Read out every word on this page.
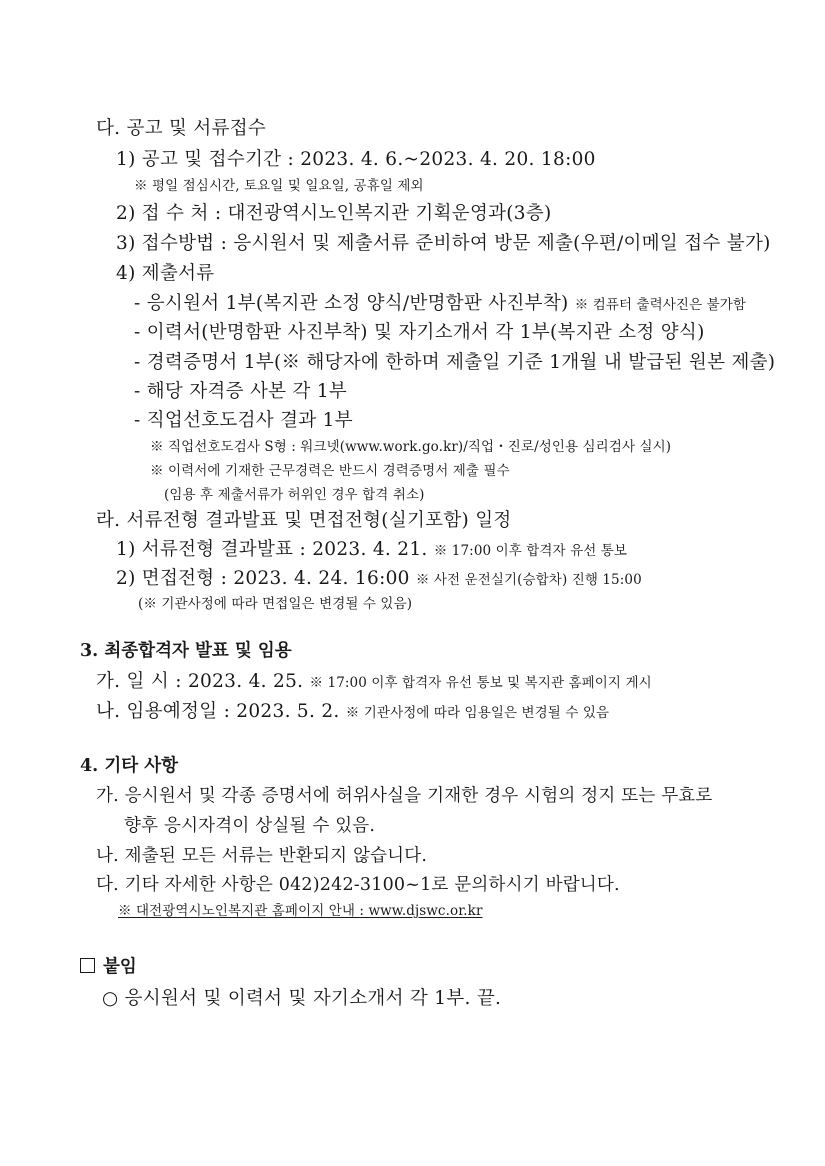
다. 공고 및 서류접수
1) 공고 및 접수기간 : 2023. 4. 6.~2023. 4. 20. 18:00
※ 평일 점심시간, 토요일 및 일요일, 공휴일 제외
2) 접 수 처 : 대전광역시노인복지관 기획운영과(3층)
3) 접수방법 : 응시원서 및 제출서류 준비하여 방문 제출(우편/이메일 접수 불가)
4) 제출서류
- 응시원서 1부(복지관 소정 양식/반명함판 사진부착) ※ 컴퓨터 출력사진은 불가함
- 이력서(반명함판 사진부착) 및 자기소개서 각 1부(복지관 소정 양식)
- 경력증명서 1부(※ 해당자에 한하며 제출일 기준 1개월 내 발급된 원본 제출)
- 해당 자격증 사본 각 1부
- 직업선호도검사 결과 1부
※ 직업선호도검사 S형 : 워크넷(www.work.go.kr)/직업・진로/성인용 심리검사 실시)
※ 이력서에 기재한 근무경력은 반드시 경력증명서 제출 필수
(임용 후 제출서류가 허위인 경우 합격 취소)
라. 서류전형 결과발표 및 면접전형(실기포함) 일정
1) 서류전형 결과발표 : 2023. 4. 21. ※ 17:00 이후 합격자 유선 통보
2) 면접전형 : 2023. 4. 24. 16:00 ※ 사전 운전실기(승합차) 진행 15:00
(※ 기관사정에 따라 면접일은 변경될 수 있음)
3. 최종합격자 발표 및 임용
가. 일 시 : 2023. 4. 25. ※ 17:00 이후 합격자 유선 통보 및 복지관 홈페이지 게시
나. 임용예정일 : 2023. 5. 2. ※ 기관사정에 따라 임용일은 변경될 수 있음
4. 기타 사항
가. 응시원서 및 각종 증명서에 허위사실을 기재한 경우 시험의 정지 또는 무효로
향후 응시자격이 상실될 수 있음.
나. 제출된 모든 서류는 반환되지 않습니다.
다. 기타 자세한 사항은 042)242-3100~1로 문의하시기 바랍니다.
※ 대전광역시노인복지관 홈페이지 안내 : www.djswc.or.kr
붙임
○ 응시원서 및 이력서 및 자기소개서 각 1부. 끝.
